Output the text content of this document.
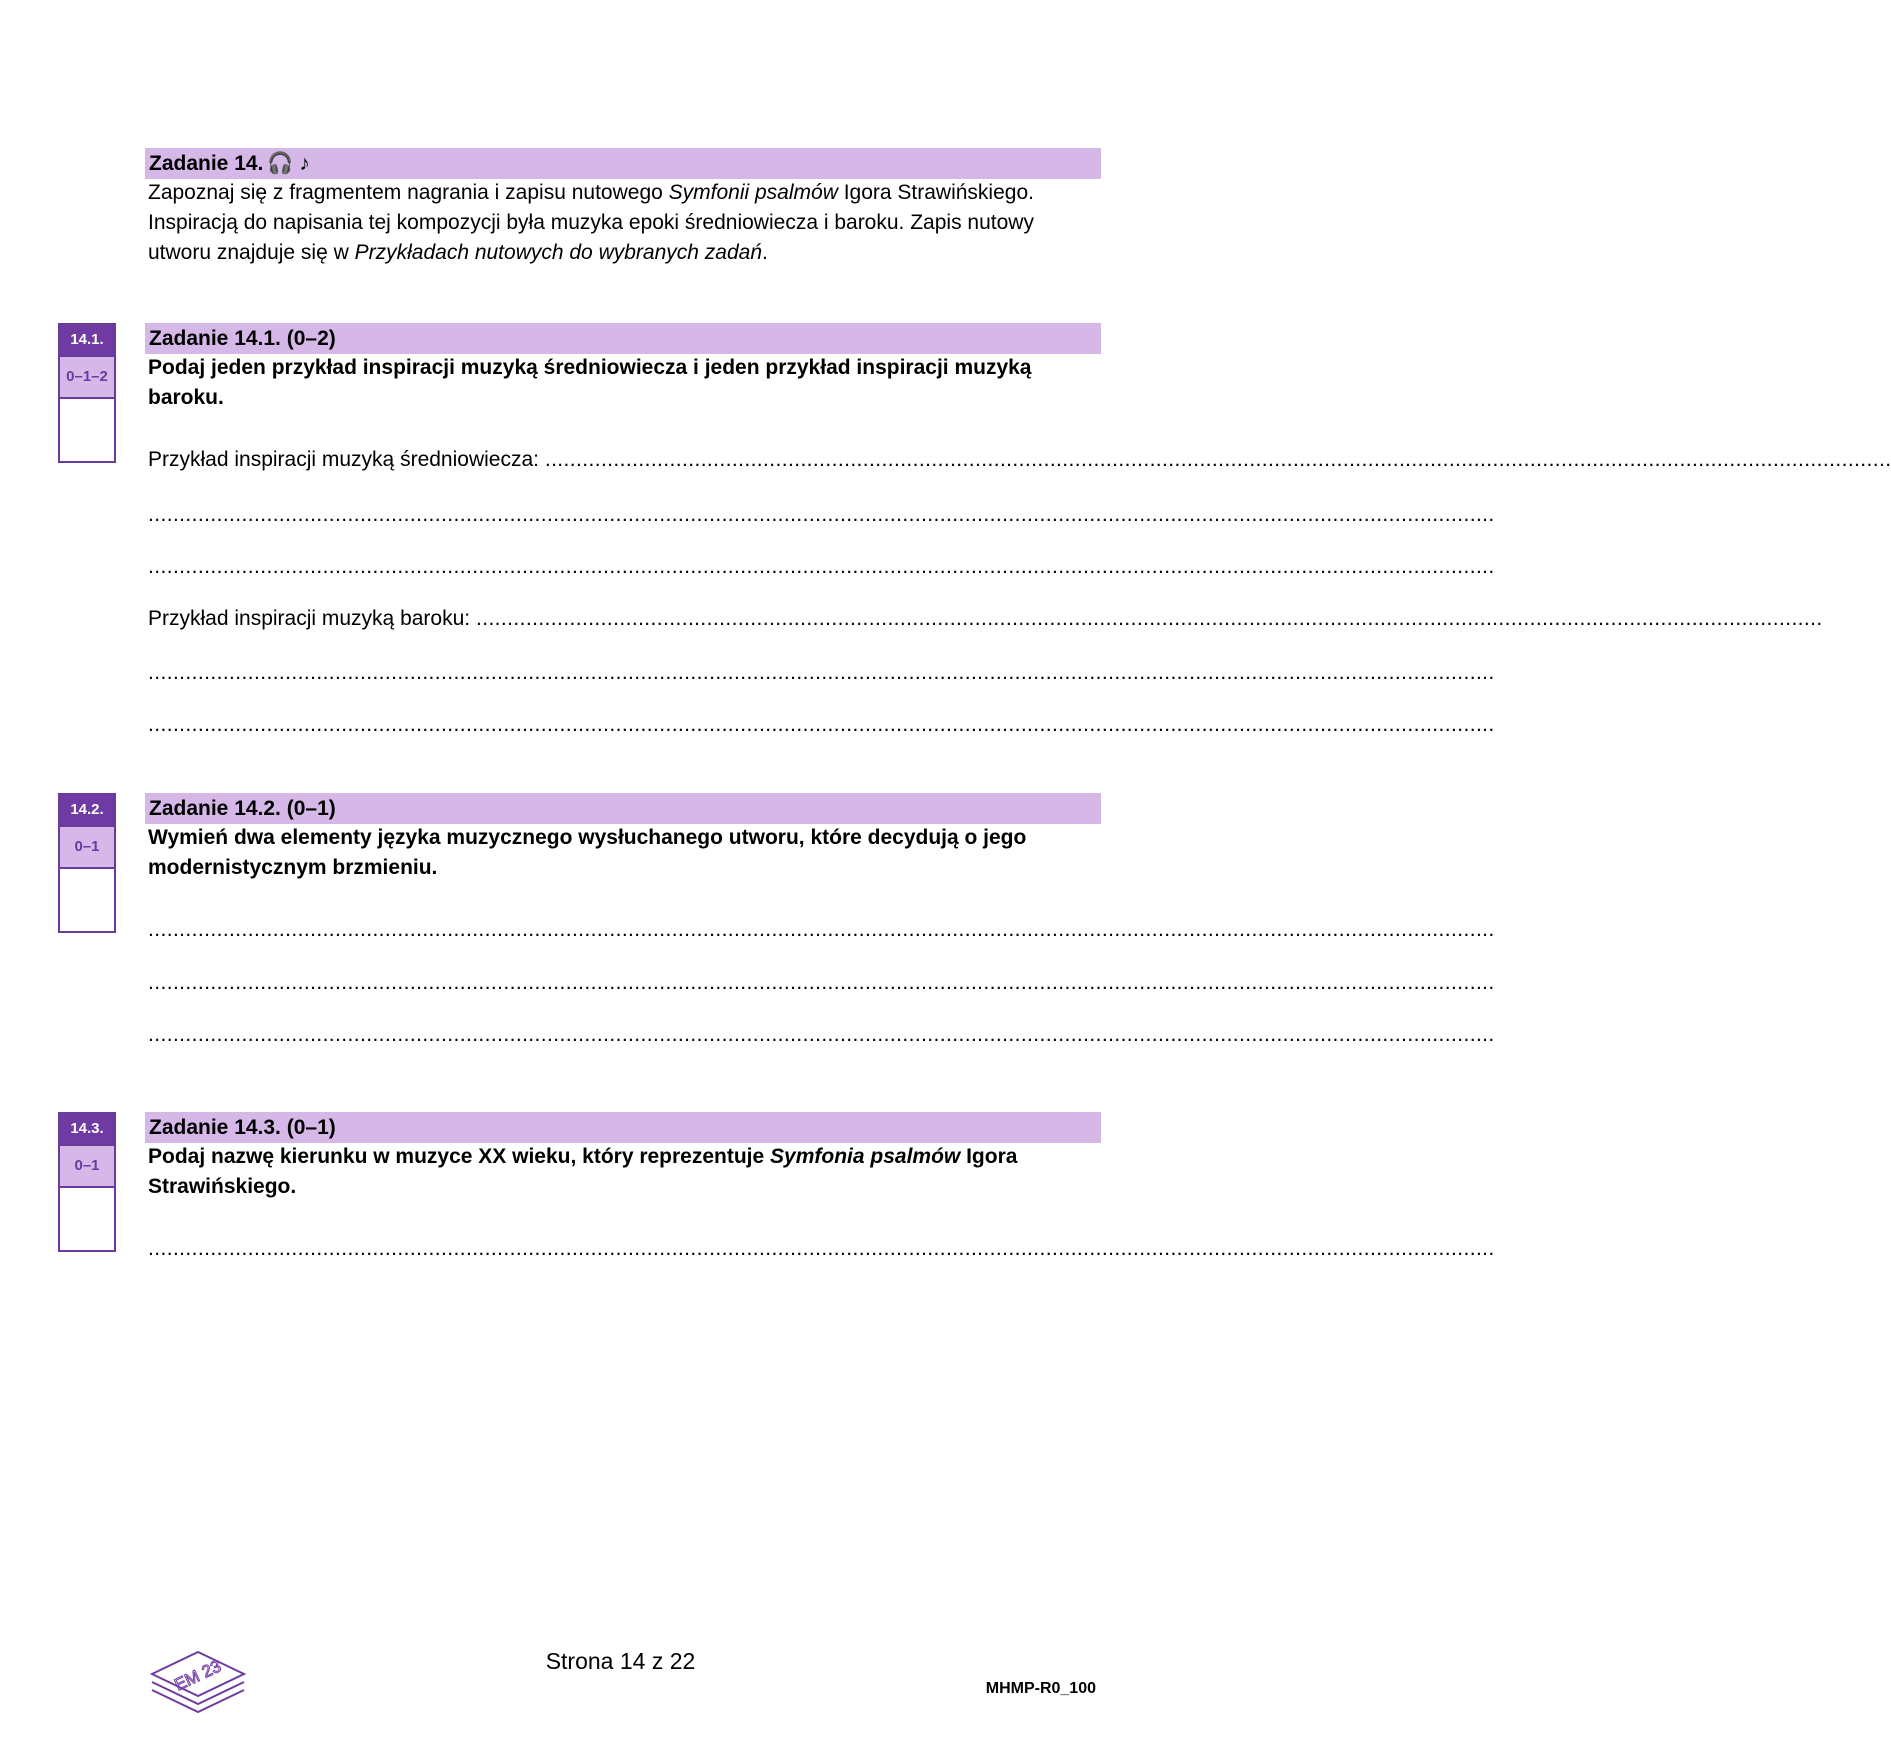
Zadanie 14. 🎧 ♪
Zapoznaj się z fragmentem nagrania i zapisu nutowego Symfonii psalmów Igora Strawińskiego. Inspiracją do napisania tej kompozycji była muzyka epoki średniowiecza i baroku. Zapis nutowy utworu znajduje się w Przykładach nutowych do wybranych zadań.
14.1.
0–1–2
Zadanie 14.1. (0–2)
Podaj jeden przykład inspiracji muzyką średniowiecza i jeden przykład inspiracji muzyką baroku.
Przykład inspiracji muzyką średniowiecza: ........................................................................................................................................................................................................................
........................................................................................................................................................................................................................
........................................................................................................................................................................................................................
Przykład inspiracji muzyką baroku: ........................................................................................................................................................................................................................
........................................................................................................................................................................................................................
........................................................................................................................................................................................................................
14.2.
0–1
Zadanie 14.2. (0–1)
Wymień dwa elementy języka muzycznego wysłuchanego utworu, które decydują o jego modernistycznym brzmieniu.
........................................................................................................................................................................................................................
........................................................................................................................................................................................................................
........................................................................................................................................................................................................................
14.3.
0–1
Zadanie 14.3. (0–1)
Podaj nazwę kierunku w muzyce XX wieku, który reprezentuje Symfonia psalmów Igora Strawińskiego.
........................................................................................................................................................................................................................
EM 23	Strona 14 z 22
MHMP-R0_100
